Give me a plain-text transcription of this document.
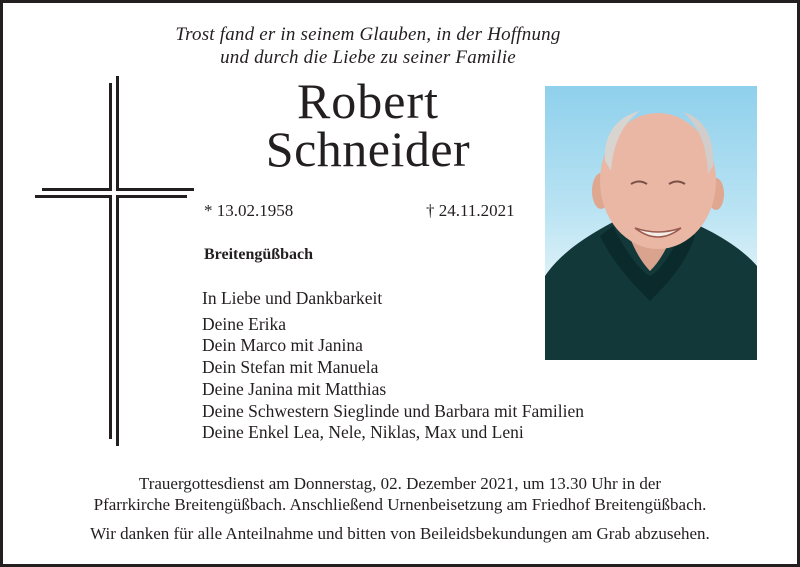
Trost fand er in seinem Glauben, in der Hoffnung
und durch die Liebe zu seiner Familie
Robert
Schneider
* 13.02.1958	† 24.11.2021
Breitengüßbach
In Liebe und Dankbarkeit
Deine Erika
Dein Marco mit Janina
Dein Stefan mit Manuela
Deine Janina mit Matthias
Deine Schwestern Sieglinde und Barbara mit Familien
Deine Enkel Lea, Nele, Niklas, Max und Leni
Trauergottesdienst am Donnerstag, 02. Dezember 2021, um 13.30 Uhr in der
Pfarrkirche Breitengüßbach. Anschließend Urnenbeisetzung am Friedhof Breitengüßbach.
Wir danken für alle Anteilnahme und bitten von Beileidsbekundungen am Grab abzusehen.
